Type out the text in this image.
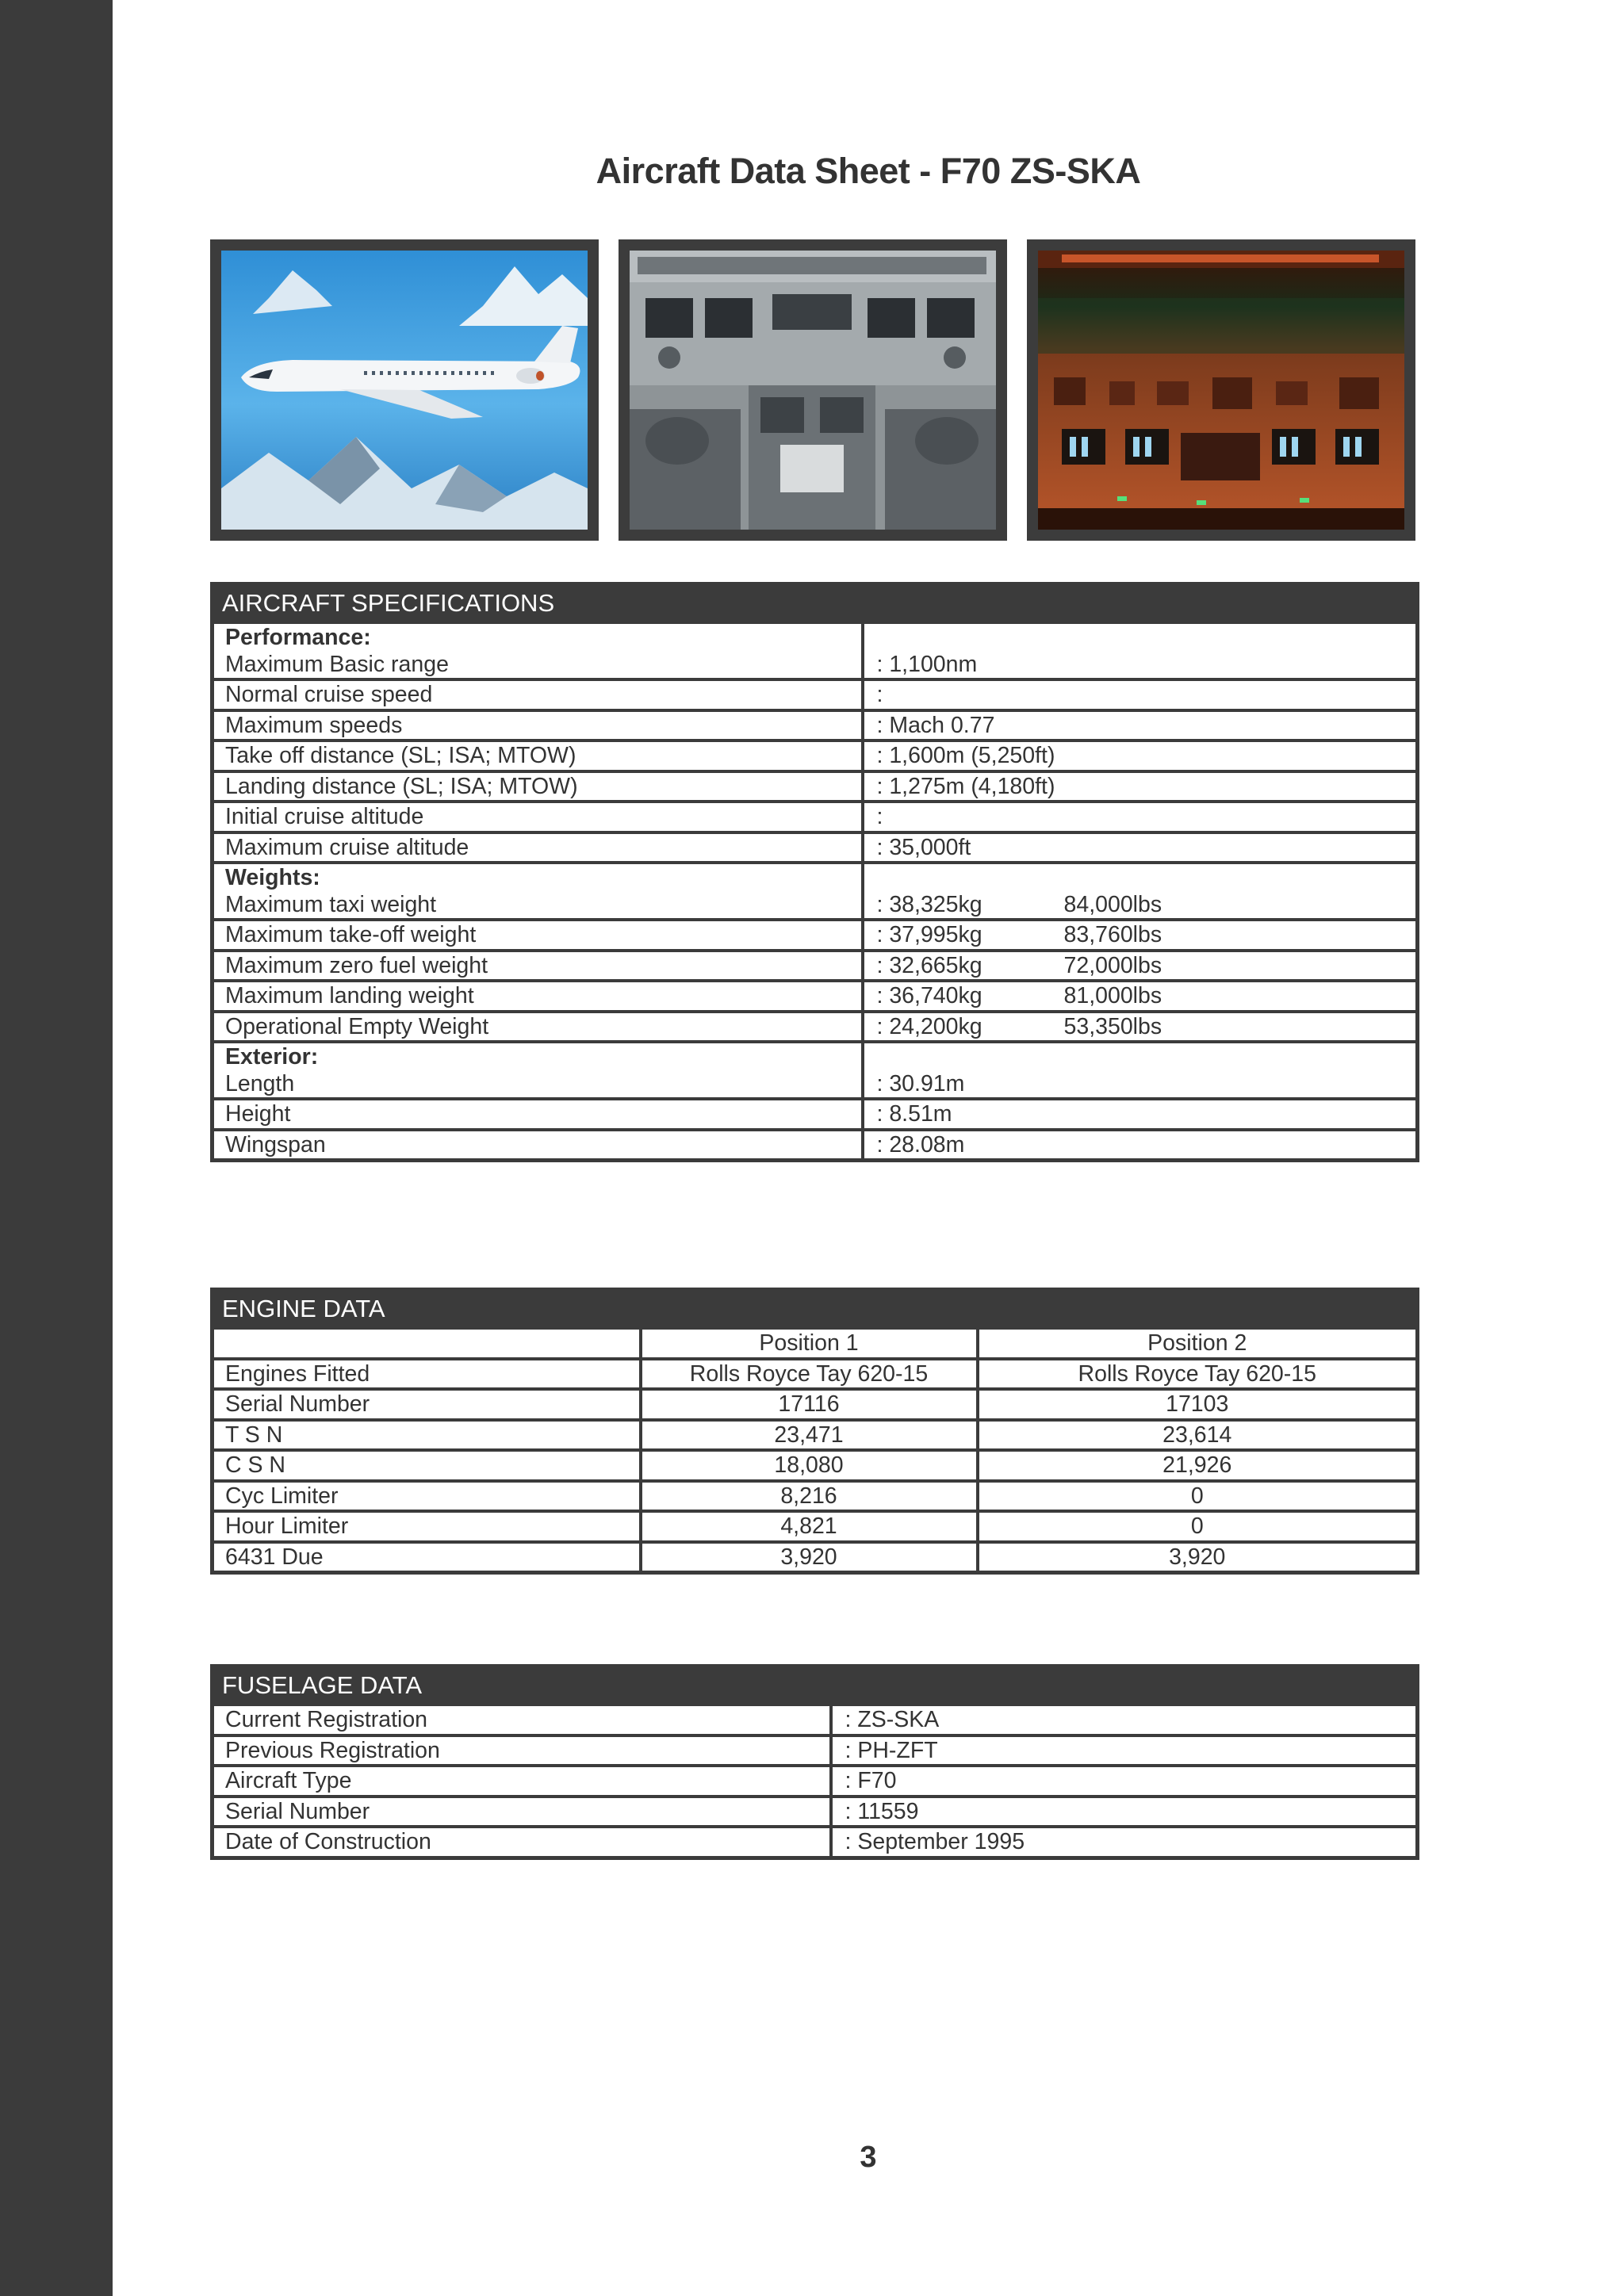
Aircraft Data Sheet - F70 ZS-SKA
AIRCRAFT SPECIFICATIONS	

Performance:
Maximum Basic range	: 1,100nm

Normal cruise speed	:
Maximum speeds	: Mach 0.77
Take off distance (SL; ISA; MTOW)	: 1,600m (5,250ft)
Landing distance (SL; ISA; MTOW)	: 1,275m (4,180ft)
Initial cruise altitude	:
Maximum cruise altitude	: 35,000ft

Weights:
Maximum taxi weight	: 38,325kg 84,000lbs

Maximum take-off weight	: 37,995kg 83,760lbs
Maximum zero fuel weight	: 32,665kg 72,000lbs
Maximum landing weight	: 36,740kg 81,000lbs
Operational Empty Weight	: 24,200kg 53,350lbs

Exterior:
Length	: 30.91m

Height	: 8.51m
Wingspan	: 28.08m
ENGINE DATA		
	Position 1	Position 2
Engines Fitted	Rolls Royce Tay 620-15	Rolls Royce Tay 620-15
Serial Number	17116	17103
T S N	23,471	23,614
C S N	18,080	21,926
Cyc Limiter	8,216	0
Hour Limiter	4,821	0
6431 Due	3,920	3,920
FUSELAGE DATA	
Current Registration	: ZS-SKA
Previous Registration	: PH-ZFT
Aircraft Type	: F70
Serial Number	: 11559
Date of Construction	: September 1995
3
